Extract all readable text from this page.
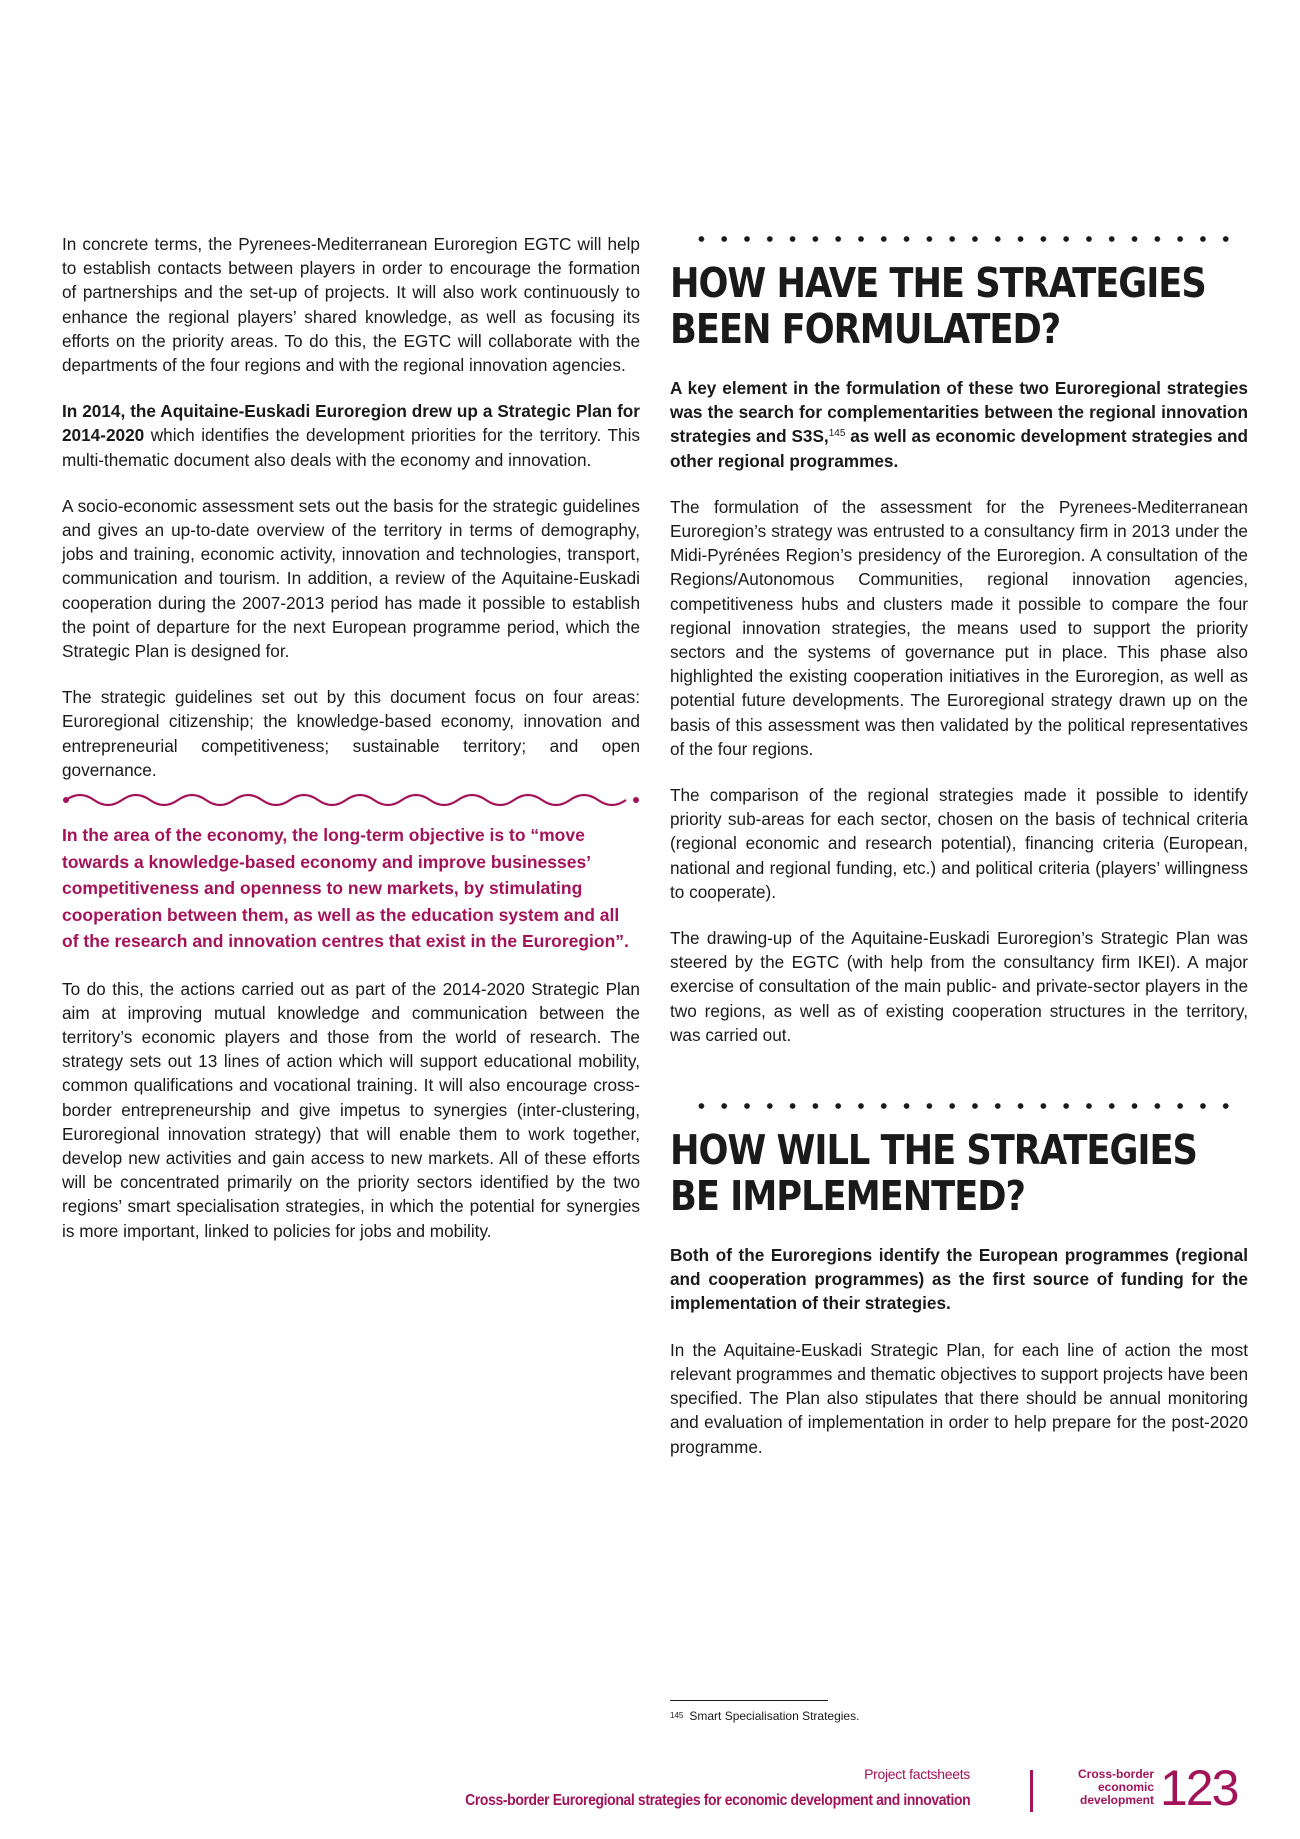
In concrete terms, the Pyrenees-Mediterranean Euroregion EGTC will help to establish contacts between players in order to encourage the formation of partnerships and the set-up of projects. It will also work continuously to enhance the regional players’ shared knowledge, as well as focusing its efforts on the priority areas. To do this, the EGTC will collaborate with the departments of the four regions and with the regional innovation agencies.

In 2014, the Aquitaine-Euskadi Euroregion drew up a Strategic Plan for 2014-2020 which identifies the development priorities for the territory. This multi-thematic document also deals with the economy and innovation.

A socio-economic assessment sets out the basis for the strategic guidelines and gives an up-to-date overview of the territory in terms of demography, jobs and training, economic activity, innovation and technologies, transport, communication and tourism. In addition, a review of the Aquitaine-Euskadi cooperation during the 2007-2013 period has made it possible to establish the point of departure for the next European programme period, which the Strategic Plan is designed for.

The strategic guidelines set out by this document focus on four areas: Euroregional citizenship; the knowledge-based economy, innovation and entrepreneurial competitiveness; sustainable territory; and open governance.

In the area of the economy, the long-term objective is to “move towards a knowledge-based economy and improve businesses’ competitiveness and openness to new markets, by stimulating cooperation between them, as well as the education system and all of the research and innovation centres that exist in the Euroregion”.

To do this, the actions carried out as part of the 2014-2020 Strategic Plan aim at improving mutual knowledge and communication between the territory’s economic players and those from the world of research. The strategy sets out 13 lines of action which will support educational mobility, common qualifications and vocational training. It will also encourage cross-border entrepreneurship and give impetus to synergies (inter-clustering, Euroregional innovation strategy) that will enable them to work together, develop new activities and gain access to new markets. All of these efforts will be concentrated primarily on the priority sectors identified by the two regions’ smart specialisation strategies, in which the potential for synergies is more important, linked to policies for jobs and mobility.

HOW HAVE THE STRATEGIES BEEN FORMULATED?

A key element in the formulation of these two Euroregional strategies was the search for complementarities between the regional innovation strategies and S3S,$^{145}$ as well as economic development strategies and other regional programmes.

The formulation of the assessment for the Pyrenees-Mediterranean Euroregion’s strategy was entrusted to a consultancy firm in 2013 under the Midi-Pyrénées Region’s presidency of the Euroregion. A consultation of the Regions/Autonomous Communities, regional innovation agencies, competitiveness hubs and clusters made it possible to compare the four regional innovation strategies, the means used to support the priority sectors and the systems of governance put in place. This phase also highlighted the existing cooperation initiatives in the Euroregion, as well as potential future developments. The Euroregional strategy drawn up on the basis of this assessment was then validated by the political representatives of the four regions.

The comparison of the regional strategies made it possible to identify priority sub-areas for each sector, chosen on the basis of technical criteria (regional economic and research potential), financing criteria (European, national and regional funding, etc.) and political criteria (players’ willingness to cooperate).

The drawing-up of the Aquitaine-Euskadi Euroregion’s Strategic Plan was steered by the EGTC (with help from the consultancy firm IKEI). A major exercise of consultation of the main public- and private-sector players in the two regions, as well as of existing cooperation structures in the territory, was carried out.

HOW WILL THE STRATEGIES BE IMPLEMENTED?

Both of the Euroregions identify the European programmes (regional and cooperation programmes) as the first source of funding for the implementation of their strategies.

In the Aquitaine-Euskadi Strategic Plan, for each line of action the most relevant programmes and thematic objectives to support projects have been specified. The Plan also stipulates that there should be annual monitoring and evaluation of implementation in order to help prepare for the post-2020 programme.

$^{145}$ Smart Specialisation Strategies.
Project factsheets
Cross-border Euroregional strategies for economic development and innovation
Cross-border economic development 123
